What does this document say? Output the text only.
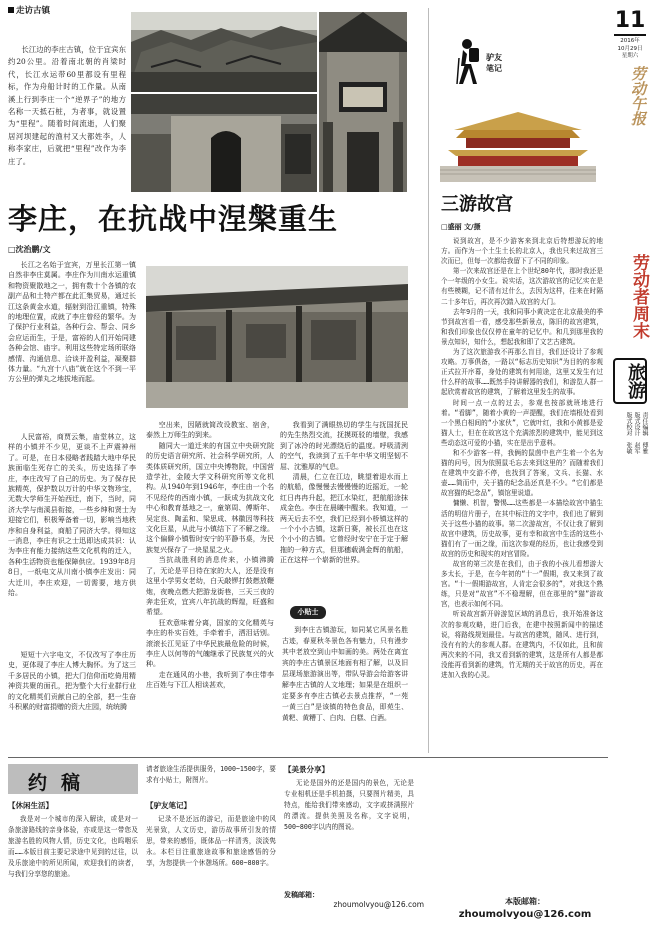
走访古镇
长江边的李庄古镇，位于宜宾东约20公里。沿着南北朝的肖梁时代，长江水运带60里都设有里程标，作为舟船计时的工作量。从南溪上行到李庄一个“逆界子”的地方名称一天抵石桩，为者事，就设置为“里程”。随着时间流逝，人们聚居河坝建起的渔村又大都姓李，人称李家庄，后就把“里程”改作为李庄了。
李庄，在抗战中涅槃重生
□沈治鹏/文

长江之名始于宜宾，万里长江第一镇自然非李庄莫属。李庄作为川南水运重镇和物资聚散地之一，拥有数十个各镇的农副产品和土特产都在此汇集贸易，通过长江这条黄金水道，辐射到沿江重镇，特殊的地理位置，成就了李庄曾经的繁华。为了保护行业利益，各种行会、帮会、同乡会应运而生，于是，富裕的人们开始同建各种会馆、庙宇。利用这些特定场所联络感情、沟通信息、洽谈并盈利益，凝聚群体力量。“九宫十八庙”就在这个不到一平方公里的弹丸之地拔地而起。

人民富裕，商贾云集，庙堂林立，这样的小镇并不少见，更谈不上声震神州了。可是，在日本侵略者践踏大地中华民族面临生死存亡的关头，历史选择了李庄，李庄改写了自己的历史。为了保存民族精英，保护数以万计的中华文物珍宝，无数大学师生开始西迁，南下，当时，同济大学与南溪县衔接，一些乡绅和贤士为迎接它们，积极筹备着一切，影响当地秩序和自身利益，商船了同济大学。得知这一消息，李庄有识之士迅即达成共识：认为李庄有能力接纳这些文化机构的迁入，各种生活物资也能保障供应。1939年8月8日，一纸电文从川南小镇李庄发出：同大迁川，李庄欢迎，一切需要，地方供给。

短短十六字电文，不仅改写了李庄历史，更体现了李庄人博大胸怀。为了这三千多居民的小镇，把大门信仰而吃倚用精神资共聚的面孔，把为整个大行业群行业的文化精英们贡献自己的全部，把一生奋斗积累的财富捐赠的资大庄园，统统腾

空出来，因陋就简改设教室、宿舍，泰然上万师生的到来。

随同大一道迁来的有国立中央研究院的历史语言研究所、社会科学研究所，人类体质研究所，国立中央博物院，中国营造学社，金陵大学文科研究所等文化机构。从1940年到1946年，李庄由一个名不见经传的西南小镇，一跃成为抗战文化中心和教育基地之一，童第周、傅斯年、吴定良、陶孟和、梁思成、林徽因等科技文化巨星，从此与小镇结下了不解之缘。这个偏僻小镇暂时安宁的平静书桌，为民族复兴保存了一块星星之火。

当抗战胜利的消息传来，小镇沸腾了，无论是平日待在家的大人，还是没有这里小学男女老幼，白天敲锣打鼓燃放鞭炮，夜晚点燃大把游龙街巷，三天三夜的奔走狂欢，宜宾八年抗战的辉煌，旺盛和希望。

狂欢意味着分离，国家的文化精英与李庄的朴实百姓，手牵着手，洒泪话别。滚滚长江见证了中华民族最危险的时候，李庄人以何等的气魄继承了民族复兴的火种。

走在通风的小巷，我听到了李庄带李庄百姓与下江人相谈甚欢，

我看到了满眼热切的学生与抚国抚民的先生热烈交流，抚摸斑驳的墙壁，我感到了冰冷的时光漂绕后的温度。呼吸清洌的空气，我读到了五千年中华文明坚韧不屈、沈雅厚的气息。

清晨，仁立在江边，眺望着迎水而上的航船，像慢慢去慢慢慢的近摇近，一轮红日冉冉升起，把江水染红，把航船涂抹成金色。李庄在晨曦中醒来。我知道，一两天后去不空，我们已经到小桥镇这样的一个小小古镇，这新日赛，被长江也在这个小小的古镇。它曾经时安宁在于定于解拖的一种方式，但那穗载满金辉的航船，正在这样一个崭新的世界。

小贴士

到李庄古镇游玩，如同某它风景名胜古迹，春夏秋冬景色各有魅力，只有漫步其中老放空到山中如画的美。两处在离宜宾的李庄古镇景区地面有相了解，以及旧层现场旅游演出等，带队导游会给游客讲解李庄古镇的人文地理；如果是在组织一定要多有李庄古镇必去景点推荐，“一苑一黄三白”是该镇的特色食品，即苑生、黄粑、黄糟丁、白肉、白糕、白酒。

驴友笔记
三游故宫
□盛丽 文/摄

说到故宫，是不少游客来到北京后特想游玩的地方。而作为一个土生土长的北京人，我也只来过故宫三次而已，但每一次都给我留下了不同的印象。

第一次来故宫还是在上个世纪80年代，那时我还是个一年级的小女生。说实话，这次游故宫的记忆实在是有些模糊，记不清有过什么，去因为这样，往来在时隔二十多年后，再次再次踏入故宫的大门。

去年9月的一天，我和同事小黄决定在北京最美的季节到故宫看一看，感受那些新景点，陈旧的故宫建筑，和我们印象也仅仅停在童年的记忆中。和几到那里我的景点知识，知什么，想起我和即了文艺古建筑。

为了这次旅游我不再那么盲目，我们还设计了参观攻略。万事俱备，一路以“标志历史知识”为目的的参观正式拉开序幕，身处的建筑有何用途，这里又发生有过什么样的故事……既然手持讲解器的我们，和游览人群一起欣赏着故宫的建筑，了解着这里发生的故事。

时间一点一点的过去，参观也按部就班地进行着。“看脚”，随着小黄的一声提醒，我们在墙根处看到一个黑白相间的“小家伙”，它就叶红，我和小黄都是爱猫人士，但在在故宫这个充满浓烈的建筑中，能见到这些动态这可爱的小猫，实在是出乎意料。

和不少游客一样，我俩的鼠茵中也产生着一个名为猫的问号，因为依照鼠毛忘去来到这里的？而随着我们在建筑中交游不停，也找到了答案，文兵、长猫、水壶……简而中，关于猫的纪念品还真是不少。“它们都是故宫猫的纪念品”，镇馆里说道。

慵懒、机智，警惕……这些都是一本描绘故宫中猫生活的明信片册子，在其中标注的文字中，我们也了解到关于这些小猫的故事。第二次游故宫，不仅让我了解到故宫中建筑，历史故事，更有幸和故宫中生活的这些小猫们有了一面之缘，而这次参观的经历，也让我感受到故宫的历史和现实的对宫冒险。

故宫的第三次是在我们，由于我的小孩儿看想游大多太长，于是，在今年初的“十一”假期，我又来到了故宫。“十一假期游故宫，人肯定会很多的”，对我这个熟练，只是对“故宫”不不稳理解，但在那里的“猫”游故宫，也表示如何不同。

听说故宫新开辟游览区域的消息后，我开始准备这次的参观攻略，进门后我，在建中按照新闻中的描述说，将路线规划最佳。与故宫的建筑，随风、进行到，没有有的大的参观人群。在建筑内，不仅如此，且和前两次来的不同，我又看到新的建筑，这是所有人都是都没能再看到新的建筑，竹无期的关于故宫的历史，再在进加入我的心灵。

11
2016年
10月29日
星期六
劳动午报
劳动者周末
旅游
责任编辑　傅雅
版式设计　赵军
版式校对　张敏
约稿
【休闲生活】

我是对一个城市的深入解读，或是对一条旅游路线的亲身体验，亦或是这一带您及旅游名胜的风物人情，历史文化，也呜咽乐而……本版目前主要记录途中见到的过往，以及乐旅途中的所见所闻，欢迎我们的读者，与我们分享您的旅途。

请者旅途生活提供服务，1000~1500字，要求有小贴士，附图片。

【驴友笔记】

记录不是还远的游记，而是旅途中的风光景致，人文历史，游历故事所引发的情思，带来的感悟，既体品一样清秀，淡淡隽永。本栏目注重旅途故事和旅途感悟的分享，为您提供一个休憩场所。600~800字。

【美景分享】

无论是国外的还是国内的景色，无论是专业相机还是手机拍摄，只要图片精美，具特点，能给我们带来感动，文字或挤满照片的漂流。提供美照及名称，文字说明，500~800字以内的图说。

发稿邮箱：
zhoumolvyou@126.com	本版邮箱：
zhoumolvyou@126.com
